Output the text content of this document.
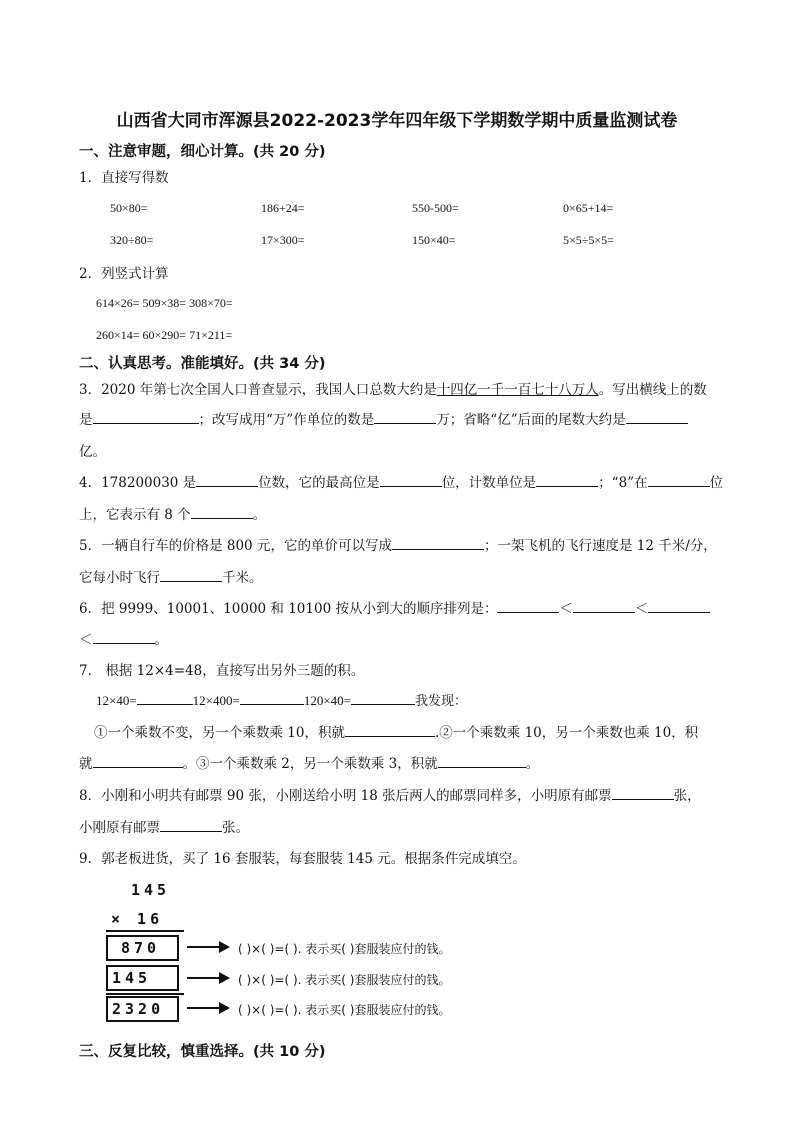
山西省大同市浑源县2022-2023学年四年级下学期数学期中质量监测试卷
一、注意审题，细心计算。(共 20 分)
1．直接写得数
50×80=	186+24=	550-500=	0×65+14=
320÷80=	17×300=	150×40=	5×5÷5×5=
2．列竖式计算
614×26= 509×38= 308×70=
260×14= 60×290= 71×211=
二、认真思考。准能填好。(共 34 分)
3．2020 年第七次全国人口普查显示，我国人口总数大约是十四亿一千一百七十八万人。写出横线上的数
是	；改写成用“万”作单位的数是	万；省略“亿”后面的尾数大约是
亿。
4．178200030 是	位数，它的最高位是	位，计数单位是	；“8”在	位
上，它表示有 8 个	。
5．一辆自行车的价格是 800 元，它的单价可以写成	；一架飞机的飞行速度是 12 千米/分，
它每小时飞行	千米。
6．把 9999、10001、10000 和 10100 按从小到大的顺序排列是：	＜	＜
＜	。
7． 根据 12×4=48，直接写出另外三题的积。
12×40=	12×400=	120×40=	我发现：
①一个乘数不变，另一个乘数乘 10，积就	.②一个乘数乘 10，另一个乘数也乘 10，积
就	。③一个乘数乘 2，另一个乘数乘 3，积就	。
8．小刚和小明共有邮票 90 张，小刚送给小明 18 张后两人的邮票同样多，小明原有邮票	张，
小刚原有邮票	张。
9．郭老板进货，买了 16 套服装，每套服装 145 元。根据条件完成填空。
145
× 16
870	( )×( )=( ). 表示买( )套服装应付的钱。
145	( )×( )=( ). 表示买( )套服装应付的钱。
2320	( )×( )=( ). 表示买( )套服装应付的钱。
三、反复比较，慎重选择。(共 10 分)
